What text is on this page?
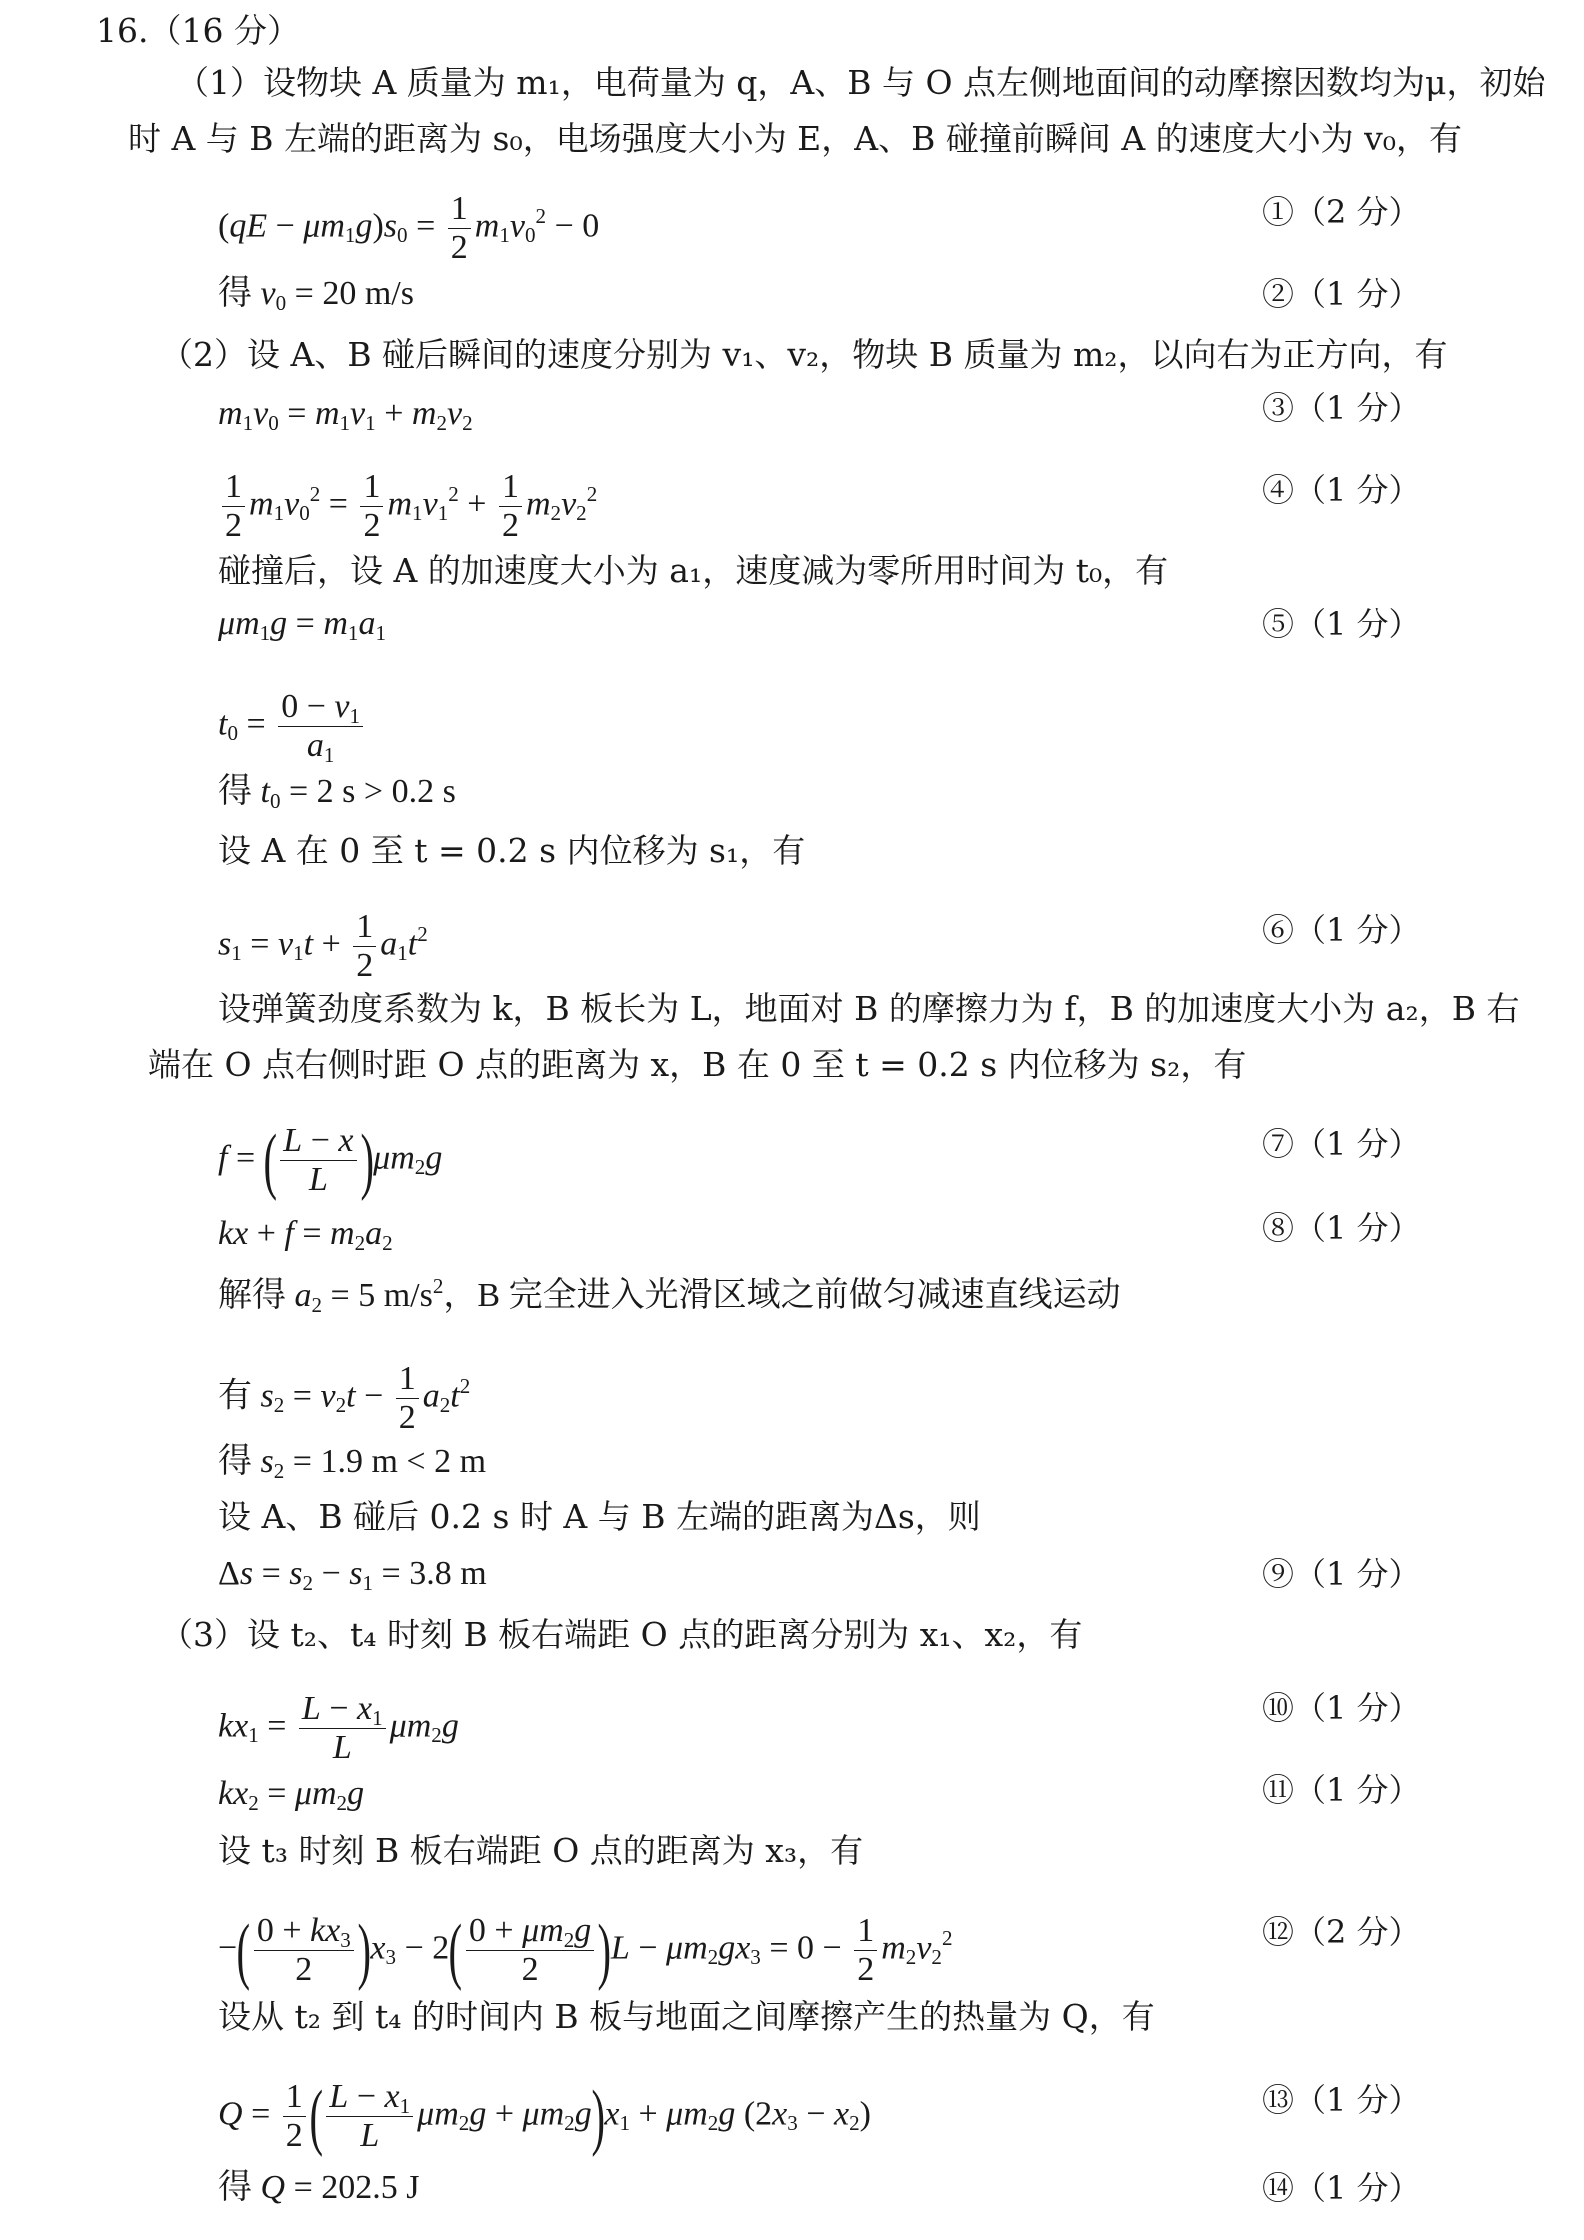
16.（16 分）
（1）设物块 A 质量为 m₁，电荷量为 q，A、B 与 O 点左侧地面间的动摩擦因数均为μ，初始
时 A 与 B 左端的距离为 s₀，电场强度大小为 E，A、B 碰撞前瞬间 A 的速度大小为 v₀，有
$(qE - \mu m_1g)s_0 = \frac{1}{2} m_1v_0^2 - 0$	①（2 分）
得 $v_0 = 20$ m/s	②（1 分）
（2）设 A、B 碰后瞬间的速度分别为 v₁、v₂，物块 B 质量为 m₂，以向右为正方向，有
$m_1v_0 = m_1v_1 + m_2v_2$	③（1 分）
$\frac{1}{2} m_1v_0^2 = \frac{1}{2} m_1v_1^2 + \frac{1}{2} m_2v_2^2$	④（1 分）
碰撞后，设 A 的加速度大小为 a₁，速度减为零所用时间为 t₀，有
$\mu m_1g = m_1a_1$	⑤（1 分）
$t_0 = \frac{0 - v_1}{a_1}$
得 $t_0 = 2$ s > 0.2 s
设 A 在 0 至 t = 0.2 s 内位移为 s₁，有
$s_1 = v_1t + \frac{1}{2} a_1t^2$	⑥（1 分）
设弹簧劲度系数为 k，B 板长为 L，地面对 B 的摩擦力为 f，B 的加速度大小为 a₂，B 右
端在 O 点右侧时距 O 点的距离为 x，B 在 0 至 t = 0.2 s 内位移为 s₂，有
f = ( $\frac{L - x}{L} )\mu m_2g$	⑦（1 分）
kx + $f = m_2a_2$	⑧（1 分）
解得 $a_2 = 5$ $m/s^2$，B 完全进入光滑区域之前做匀减速直线运动
有 $s_2 = v_2t - \frac{1}{2} a_2t^2$
得 $s_2 = 1.9$ m < 2 m
设 A、B 碰后 0.2 s 时 A 与 B 左端的距离为Δs，则
$\Delta s = s_2 - s_1 = 3.8$ m	⑨（1 分）
（3）设 t₂、t₄ 时刻 B 板右端距 O 点的距离分别为 x₁、x₂，有
$kx_1 = \frac{L - x_1}{L} \mu m_2g$	⑩（1 分）
$kx_2 = \mu m_2g$	⑪（1 分）
设 t₃ 时刻 B 板右端距 O 点的距离为 x₃，有
−( $\frac{0 + kx_3}{2} )x_3 - 2( \frac{0 + \mu m_2g}{2} )L - \mu m_2gx_3 = 0 - \frac{1}{2} m_2v_2^2$	⑫（2 分）
设从 t₂ 到 t₄ 的时间内 B 板与地面之间摩擦产生的热量为 Q，有
$Q = \frac{1}{2}$ ( $\frac{L - x_1}{L} \mu m_2g + \mu m_2g)x_1 + \mu m_2g$ $(2x_3 - x_2)$	⑬（1 分）
得 Q = 202.5 J	⑭（1 分）
